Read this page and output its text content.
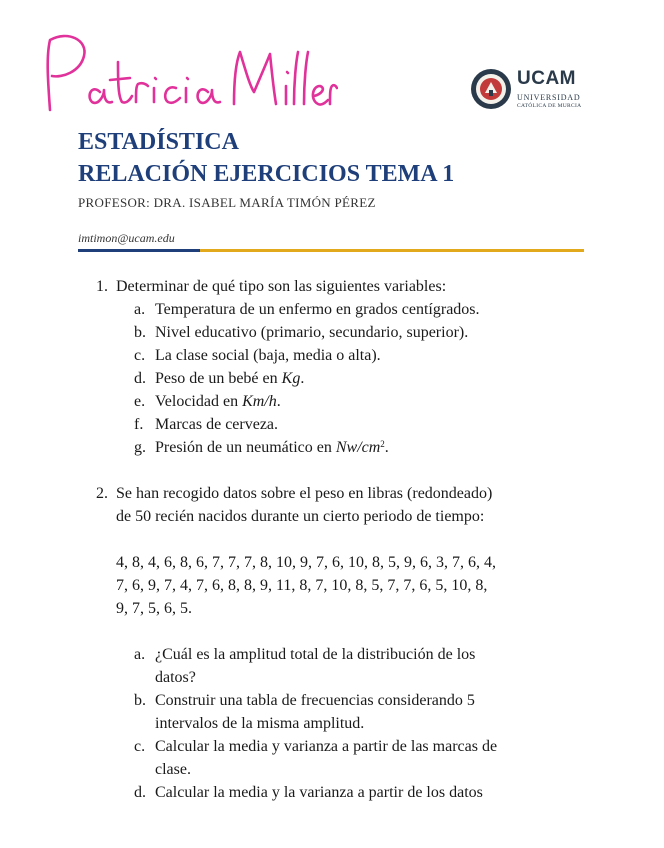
UCAM
UNIVERSIDAD
CATÓLICA DE MURCIA
ESTADÍSTICA
RELACIÓN EJERCICIOS TEMA 1
PROFESOR: DRA. ISABEL MARÍA TIMÓN PÉREZ
imtimon@ucam.edu
1. Determinar de qué tipo son las siguientes variables:
a. Temperatura de un enfermo en grados centígrados.
b. Nivel educativo (primario, secundario, superior).
c. La clase social (baja, media o alta).
d. Peso de un bebé en Kg.
e. Velocidad en Km/h.
f. Marcas de cerveza.
g. Presión de un neumático en $Nw/cm^2$.
2. Se han recogido datos sobre el peso en libras (redondeado)
de 50 recién nacidos durante un cierto periodo de tiempo:
4, 8, 4, 6, 8, 6, 7, 7, 7, 8, 10, 9, 7, 6, 10, 8, 5, 9, 6, 3, 7, 6, 4,
7, 6, 9, 7, 4, 7, 6, 8, 8, 9, 11, 8, 7, 10, 8, 5, 7, 7, 6, 5, 10, 8,
9, 7, 5, 6, 5.
a. ¿Cuál es la amplitud total de la distribución de los
datos?
b. Construir una tabla de frecuencias considerando 5
intervalos de la misma amplitud.
c. Calcular la media y varianza a partir de las marcas de
clase.
d. Calcular la media y la varianza a partir de los datos
